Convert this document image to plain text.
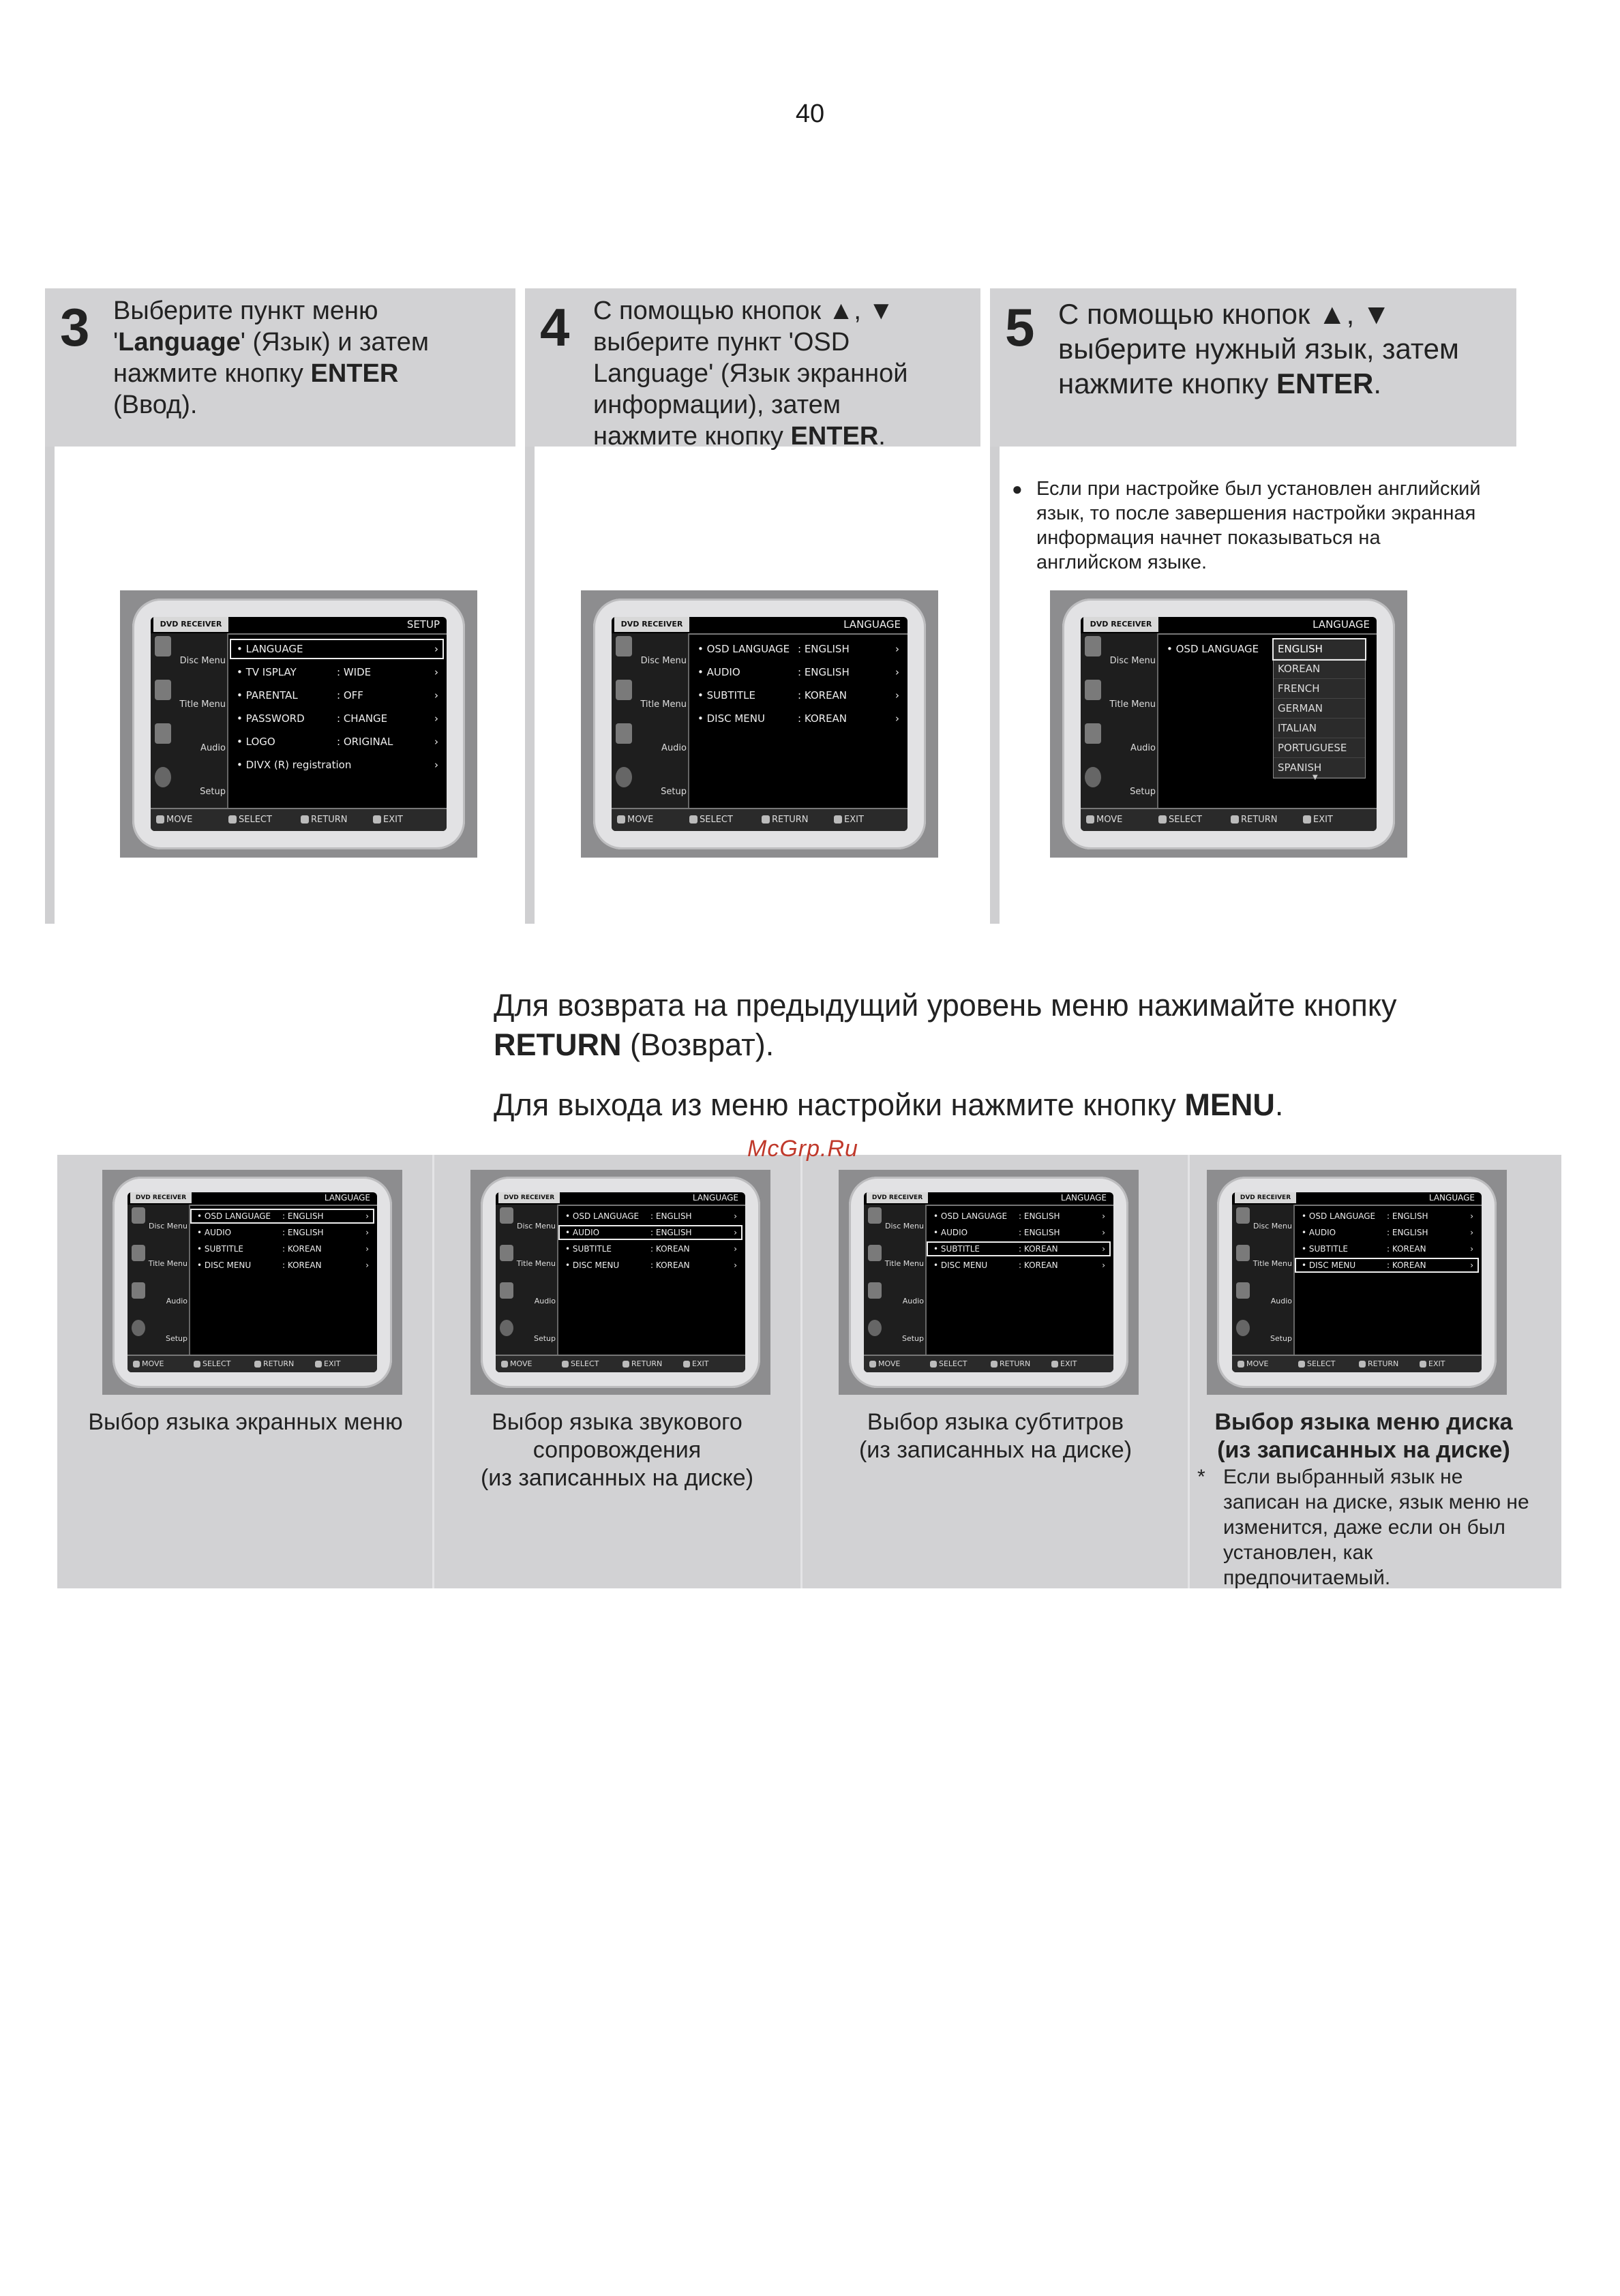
40
3 Выберите пункт меню
'Language' (Язык) и затем
нажмите кнопку ENTER
(Ввод).
4 С помощью кнопок ▲, ▼
выберите пункт 'OSD
Language' (Язык экранной
информации), затем
нажмите кнопку ENTER.
5 С помощью кнопок ▲, ▼
выберите нужный язык, затем
нажмите кнопку ENTER.
● Если при настройке был установлен английский язык, то после завершения настройки экранная информация начнет показываться на английском языке.
DVD RECEIVER	SETUP
Disc Menu
Title Menu
Audio
Setup
MOVE	SELECT	RETURN	EXIT
• LANGUAGE	›
• TV ISPLAY	: WIDE	›
• PARENTAL	: OFF	›
• PASSWORD	: CHANGE	›
• LOGO	: ORIGINAL	›
• DIVX (R) registration	›
DVD RECEIVER	LANGUAGE
Disc Menu
Title Menu
Audio
Setup
MOVE	SELECT	RETURN	EXIT
• OSD LANGUAGE : ENGLISH	›
• AUDIO	: ENGLISH	›
• SUBTITLE	: KOREAN	›
• DISC MENU	: KOREAN	›
DVD RECEIVER	LANGUAGE
Disc Menu
Title Menu
Audio
Setup
MOVE	SELECT	RETURN	EXIT
• OSD LANGUAGE	ENGLISH
KOREAN
FRENCH
GERMAN
ITALIAN
PORTUGUESE
SPANISH
▼
Для возврата на предыдущий уровень меню нажимайте кнопку
RETURN (Возврат).
Для выхода из меню настройки нажмите кнопку MENU.
McGrp.Ru
DVD RECEIVER	LANGUAGE
Disc Menu
Title Menu
Audio
Setup
MOVE	SELECT	RETURN	EXIT
• OSD LANGUAGE : ENGLISH	›
• AUDIO	: ENGLISH	›
• SUBTITLE	: KOREAN	›
• DISC MENU	: KOREAN	›
DVD RECEIVER	LANGUAGE
Disc Menu
Title Menu
Audio
Setup
MOVE	SELECT	RETURN	EXIT
• OSD LANGUAGE : ENGLISH	›
• AUDIO	: ENGLISH	›
• SUBTITLE	: KOREAN	›
• DISC MENU	: KOREAN	›
DVD RECEIVER	LANGUAGE
Disc Menu
Title Menu
Audio
Setup
MOVE	SELECT	RETURN	EXIT
• OSD LANGUAGE : ENGLISH	›
• AUDIO	: ENGLISH	›
• SUBTITLE	: KOREAN	›
• DISC MENU	: KOREAN	›
DVD RECEIVER	LANGUAGE
Disc Menu
Title Menu
Audio
Setup
MOVE	SELECT	RETURN	EXIT
• OSD LANGUAGE : ENGLISH	›
• AUDIO	: ENGLISH	›
• SUBTITLE	: KOREAN	›
• DISC MENU	: KOREAN	›
Выбор языка экранных меню	Выбор языка звукового
сопровождения
(из записанных на диске)
Выбор языка субтитров
(из записанных на диске)
Выбор языка меню диска
(из записанных на диске)
* Если выбранный язык не записан на диске, язык меню не изменится, даже если он был установлен, как предпочитаемый.
